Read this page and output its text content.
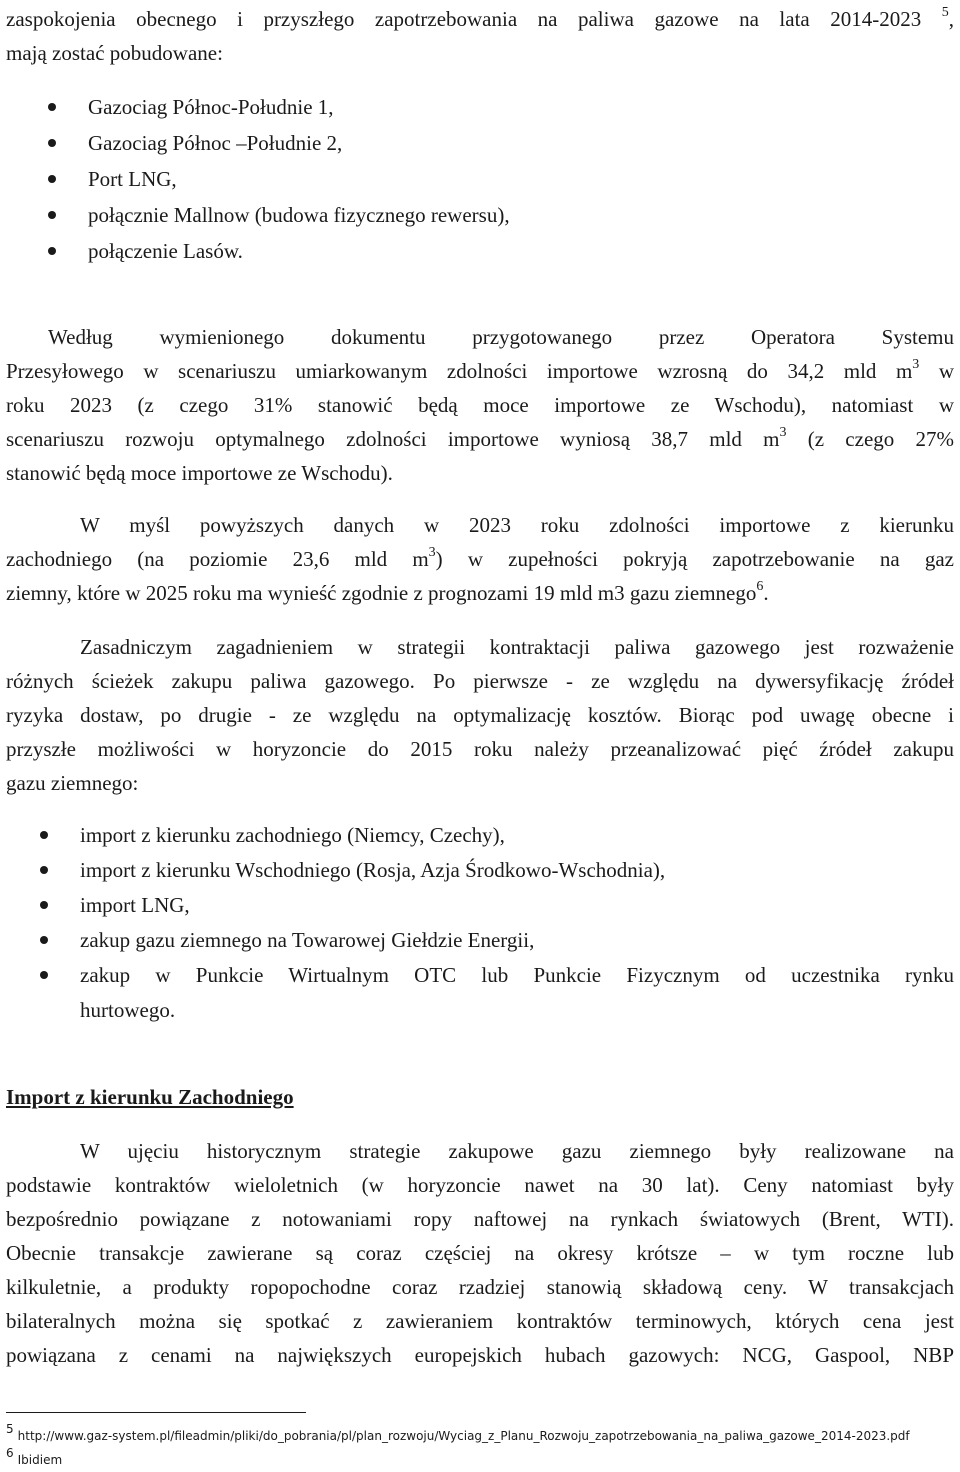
zaspokojenia obecnego i przyszłego zapotrzebowania na paliwa gazowe na lata 2014-2023 $^5$,
mają zostać pobudowane:
Gazociag Północ-Południe 1,
Gazociag Północ –Południe 2,
Port LNG,
połącznie Mallnow (budowa fizycznego rewersu),
połączenie Lasów.
Według wymienionego dokumentu przygotowanego przez Operatora Systemu
Przesyłowego w scenariuszu umiarkowanym zdolności importowe wzrosną do 34,2 mld $m^3$ w
roku 2023 (z czego 31% stanowić będą moce importowe ze Wschodu), natomiast w
scenariuszu rozwoju optymalnego zdolności importowe wyniosą 38,7 mld $m^3$ (z czego 27%
stanowić będą moce importowe ze Wschodu).
W myśl powyższych danych w 2023 roku zdolności importowe z kierunku
zachodniego (na poziomie 23,6 mld $m^3$) w zupełności pokryją zapotrzebowanie na gaz
ziemny, które w 2025 roku ma wynieść zgodnie z prognozami 19 mld m3 gazu ziemnego$^6$.
Zasadniczym zagadnieniem w strategii kontraktacji paliwa gazowego jest rozważenie
różnych ścieżek zakupu paliwa gazowego. Po pierwsze - ze względu na dywersyfikację źródeł
ryzyka dostaw, po drugie - ze względu na optymalizację kosztów. Biorąc pod uwagę obecne i
przyszłe możliwości w horyzoncie do 2015 roku należy przeanalizować pięć źródeł zakupu
gazu ziemnego:
import z kierunku zachodniego (Niemcy, Czechy),
import z kierunku Wschodniego (Rosja, Azja Środkowo-Wschodnia),
import LNG,
zakup gazu ziemnego na Towarowej Giełdzie Energii,
zakup w Punkcie Wirtualnym OTC lub Punkcie Fizycznym od uczestnika rynku
hurtowego.
Import z kierunku Zachodniego
W ujęciu historycznym strategie zakupowe gazu ziemnego były realizowane na
podstawie kontraktów wieloletnich (w horyzoncie nawet na 30 lat). Ceny natomiast były
bezpośrednio powiązane z notowaniami ropy naftowej na rynkach światowych (Brent, WTI).
Obecnie transakcje zawierane są coraz częściej na okresy krótsze – w tym roczne lub
kilkuletnie, a produkty ropopochodne coraz rzadziej stanowią składową ceny. W transakcjach
bilateralnych można się spotkać z zawieraniem kontraktów terminowych, których cena jest
powiązana z cenami na największych europejskich hubach gazowych: NCG, Gaspool, NBP
5 http://www.gaz-system.pl/fileadmin/pliki/do_pobrania/pl/plan_rozwoju/Wyciag_z_Planu_Rozwoju_zapotrzebowania_na_paliwa_gazowe_2014-2023.pdf
6 Ibidiem
